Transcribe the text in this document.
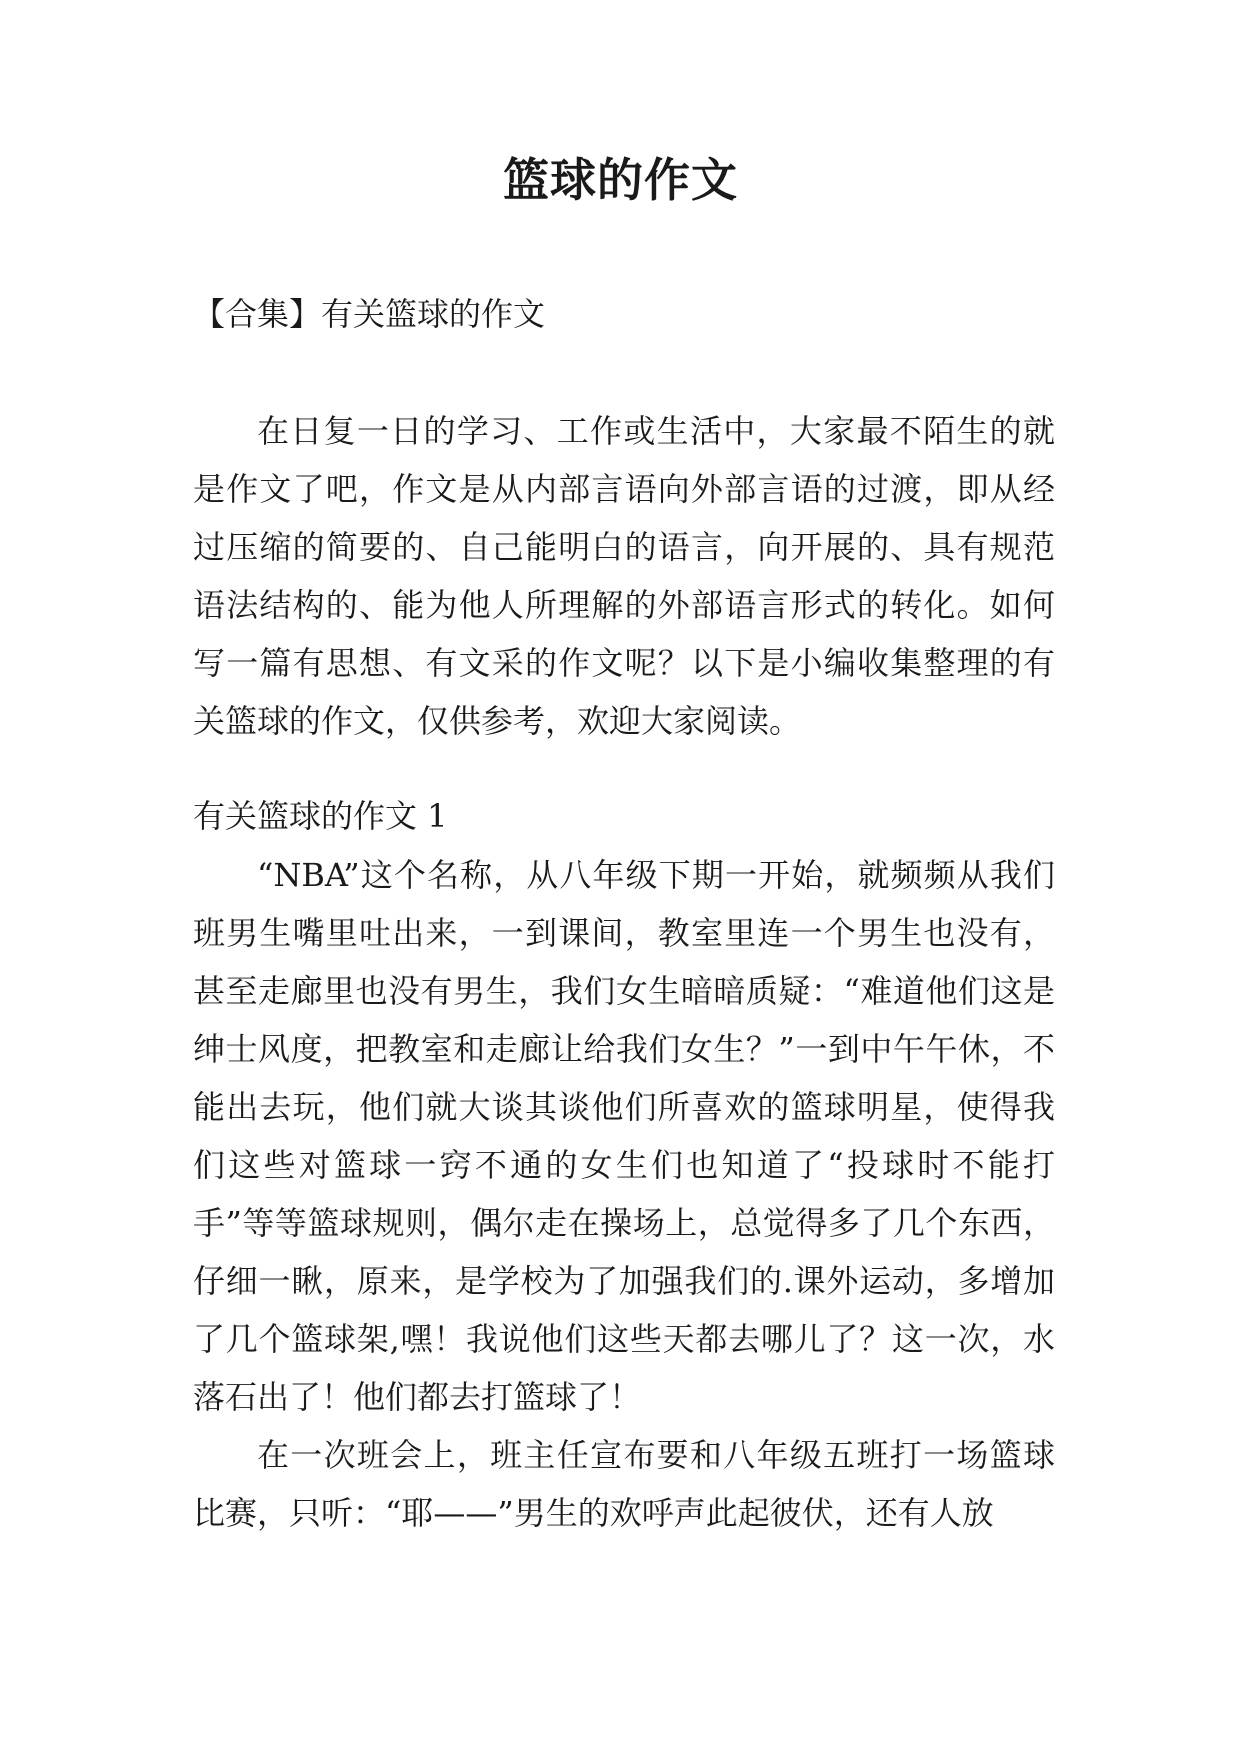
篮球的作文
【合集】有关篮球的作文

在日复一日的学习、工作或生活中，大家最不陌生的就是作文了吧，作文是从内部言语向外部言语的过渡，即从经过压缩的简要的、自己能明白的语言，向开展的、具有规范语法结构的、能为他人所理解的外部语言形式的转化。如何写一篇有思想、有文采的作文呢？以下是小编收集整理的有关篮球的作文，仅供参考，欢迎大家阅读。

有关篮球的作文 1

“NBA”这个名称，从八年级下期一开始，就频频从我们班男生嘴里吐出来，一到课间，教室里连一个男生也没有，甚至走廊里也没有男生，我们女生暗暗质疑：“难道他们这是绅士风度，把教室和走廊让给我们女生？”一到中午午休，不能出去玩，他们就大谈其谈他们所喜欢的篮球明星，使得我们这些对篮球一窍不通的女生们也知道了“投球时不能打手”等等篮球规则，偶尔走在操场上，总觉得多了几个东西，仔细一瞅，原来，是学校为了加强我们的.课外运动，多增加了几个篮球架,嘿！我说他们这些天都去哪儿了？这一次，水落石出了！他们都去打篮球了！

在一次班会上，班主任宣布要和八年级五班打一场篮球比赛，只听：“耶——”男生的欢呼声此起彼伏，还有人放
